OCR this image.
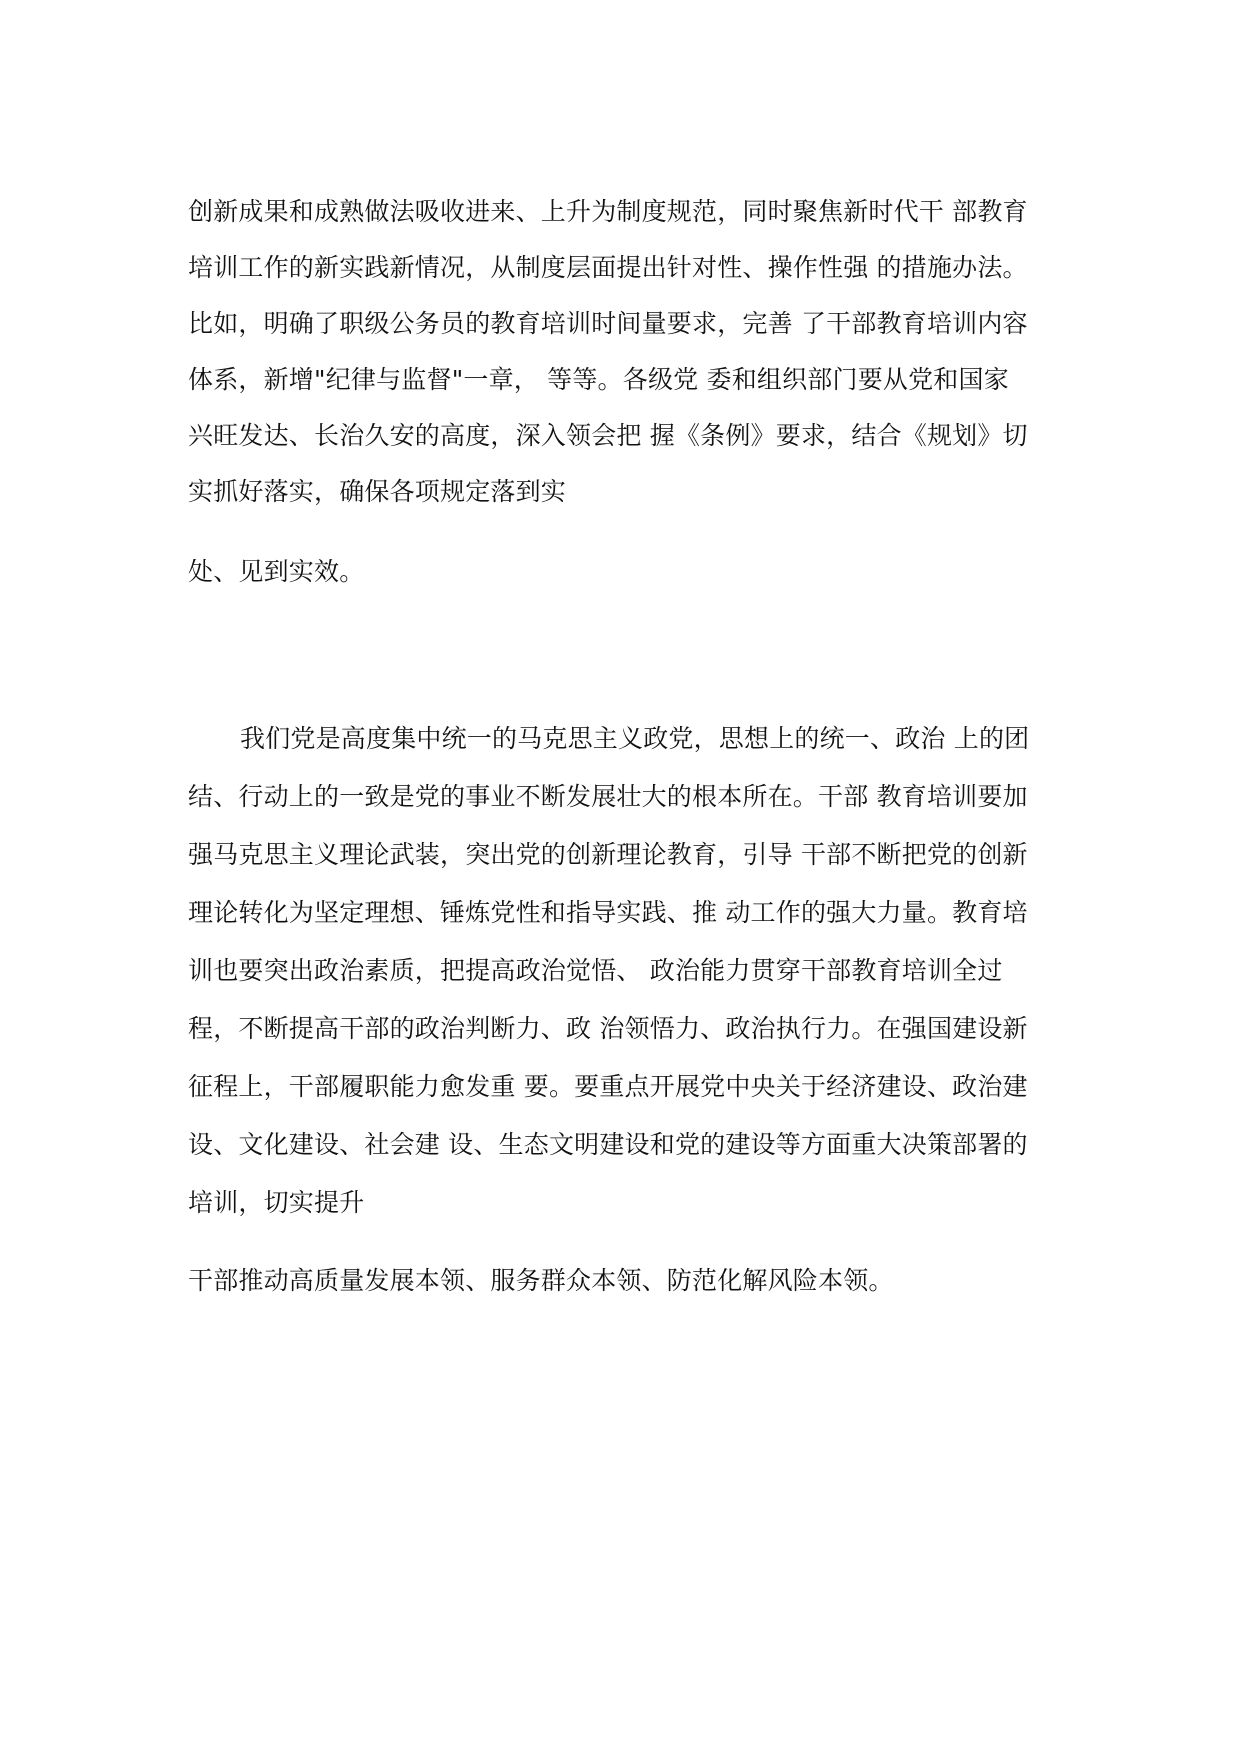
创新成果和成熟做法吸收进来、上升为制度规范，同时聚焦新时代干 部教育
培训工作的新实践新情况，从制度层面提出针对性、操作性强 的措施办法。
比如，明确了职级公务员的教育培训时间量要求，完善 了干部教育培训内容
体系，新增"纪律与监督"一章， 等等。各级党 委和组织部门要从党和国家
兴旺发达、长治久安的高度，深入领会把 握《条例》要求，结合《规划》切
实抓好落实，确保各项规定落到实
处、见到实效。
我们党是高度集中统一的马克思主义政党，思想上的统一、政治 上的团
结、行动上的一致是党的事业不断发展壮大的根本所在。干部 教育培训要加
强马克思主义理论武装，突出党的创新理论教育，引导 干部不断把党的创新
理论转化为坚定理想、锤炼党性和指导实践、推 动工作的强大力量。教育培
训也要突出政治素质，把提高政治觉悟、 政治能力贯穿干部教育培训全过
程，不断提高干部的政治判断力、政 治领悟力、政治执行力。在强国建设新
征程上，干部履职能力愈发重 要。要重点开展党中央关于经济建设、政治建
设、文化建设、社会建 设、生态文明建设和党的建设等方面重大决策部署的
培训，切实提升
干部推动高质量发展本领、服务群众本领、防范化解风险本领。
